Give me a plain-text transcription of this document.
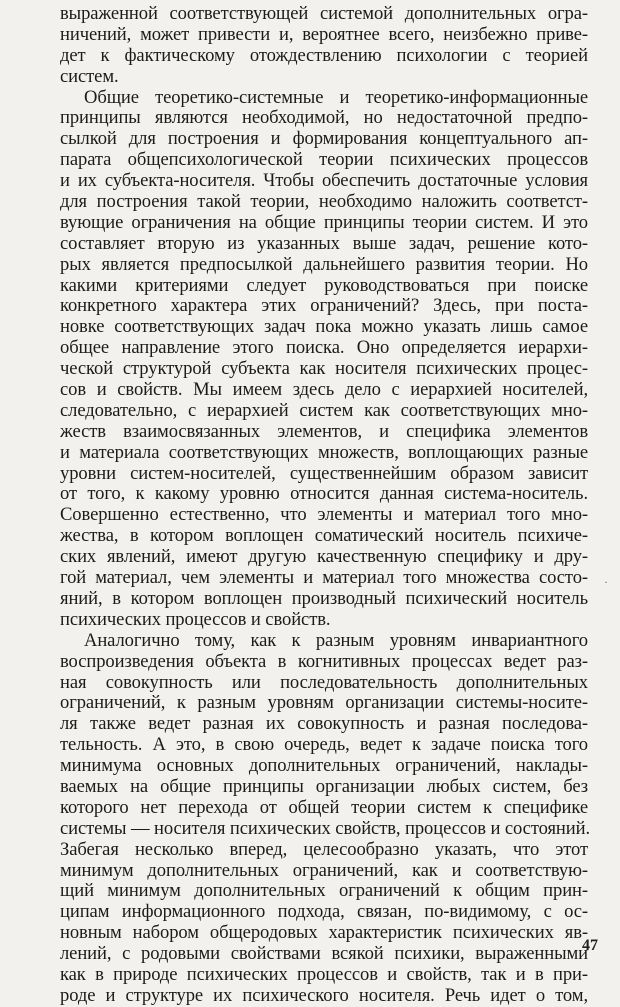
выраженной соответствующей системой дополнительных огра-
ничений, может привести и, вероятнее всего, неизбежно приве-
дет к фактическому отождествлению психологии с теорией
систем.
Общие теоретико-системные и теоретико-информационные
принципы являются необходимой, но недостаточной предпо-
сылкой для построения и формирования концептуального ап-
парата общепсихологической теории психических процессов
и их субъекта-носителя. Чтобы обеспечить достаточные условия
для построения такой теории, необходимо наложить соответст-
вующие ограничения на общие принципы теории систем. И это
составляет вторую из указанных выше задач, решение кото-
рых является предпосылкой дальнейшего развития теории. Но
какими критериями следует руководствоваться при поиске
конкретного характера этих ограничений? Здесь, при поста-
новке соответствующих задач пока можно указать лишь самое
общее направление этого поиска. Оно определяется иерархи-
ческой структурой субъекта как носителя психических процес-
сов и свойств. Мы имеем здесь дело с иерархией носителей,
следовательно, с иерархией систем как соответствующих мно-
жеств взаимосвязанных элементов, и специфика элементов
и материала соответствующих множеств, воплощающих разные
уровни систем-носителей, существеннейшим образом зависит
от того, к какому уровню относится данная система-носитель.
Совершенно естественно, что элементы и материал того мно-
жества, в котором воплощен соматический носитель психиче-
ских явлений, имеют другую качественную специфику и дру-
гой материал, чем элементы и материал того множества состо-
яний, в котором воплощен производный психический носитель
психических процессов и свойств.
Аналогично тому, как к разным уровням инвариантного
воспроизведения объекта в когнитивных процессах ведет раз-
ная совокупность или последовательность дополнительных
ограничений, к разным уровням организации системы-носите-
ля также ведет разная их совокупность и разная последова-
тельность. А это, в свою очередь, ведет к задаче поиска того
минимума основных дополнительных ограничений, наклады-
ваемых на общие принципы организации любых систем, без
которого нет перехода от общей теории систем к специфике
системы — носителя психических свойств, процессов и состояний.
Забегая несколько вперед, целесообразно указать, что этот
минимум дополнительных ограничений, как и соответствую-
щий минимум дополнительных ограничений к общим прин-
ципам информационного подхода, связан, по-видимому, с ос-
новным набором общеродовых характеристик психических яв-
лений, с родовыми свойствами всякой психики, выраженными
как в природе психических процессов и свойств, так и в при-
роде и структуре их психического носителя. Речь идет о том,
·
47
